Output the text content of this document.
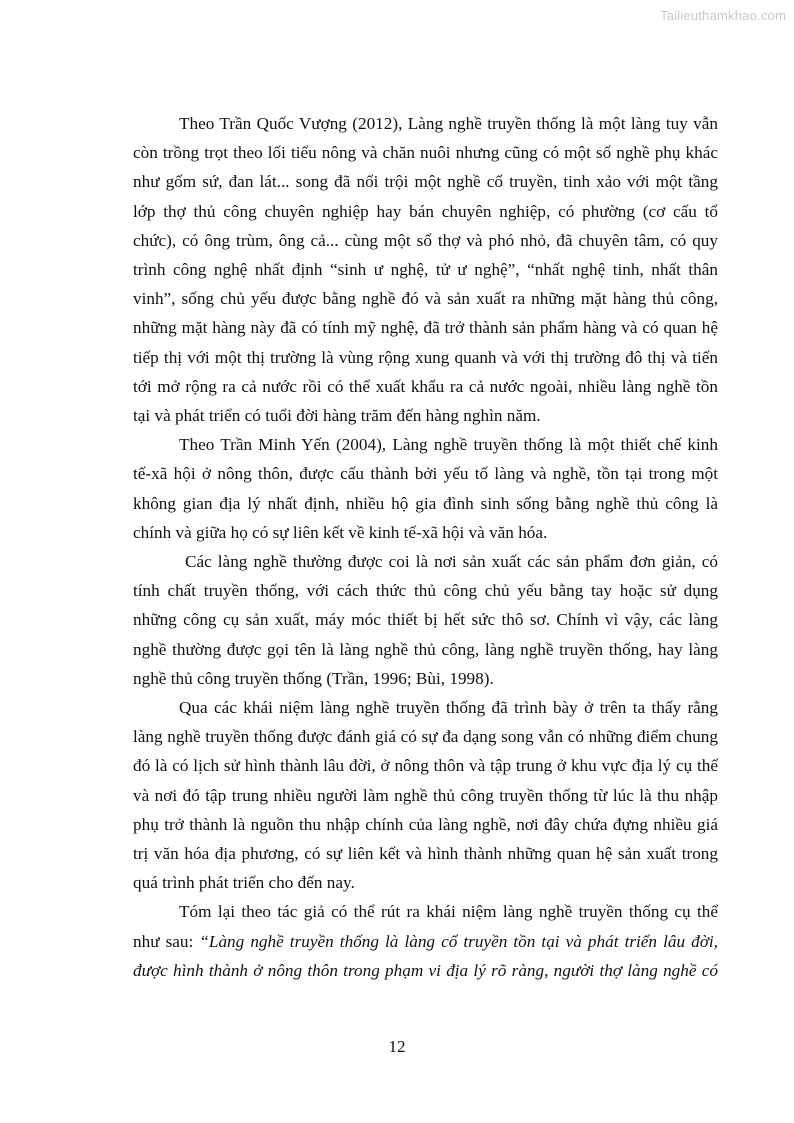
Tailieuthamkhao.com

Theo Trần Quốc Vượng (2012), Làng nghề truyền thống là một làng tuy vẫn
còn trồng trọt theo lối tiểu nông và chăn nuôi nhưng cũng có một số nghề phụ khác
như gốm sứ, đan lát... song đã nổi trội một nghề cổ truyền, tinh xảo với một tầng
lớp thợ thủ công chuyên nghiệp hay bán chuyên nghiệp, có phường (cơ cấu tổ
chức), có ông trùm, ông cả... cùng một số thợ và phó nhỏ, đã chuyên tâm, có quy
trình công nghệ nhất định “sinh ư nghệ, tử ư nghệ”, “nhất nghệ tinh, nhất thân
vinh”, sống chủ yếu được bằng nghề đó và sản xuất ra những mặt hàng thủ công,
những mặt hàng này đã có tính mỹ nghệ, đã trở thành sản phẩm hàng và có quan hệ
tiếp thị với một thị trường là vùng rộng xung quanh và với thị trường đô thị và tiến
tới mở rộng ra cả nước rồi có thể xuất khẩu ra cả nước ngoài, nhiều làng nghề tồn
tại và phát triển có tuổi đời hàng trăm đến hàng nghìn năm.

Theo Trần Minh Yến (2004), Làng nghề truyền thống là một thiết chế kinh
tế-xã hội ở nông thôn, được cấu thành bởi yếu tố làng và nghề, tồn tại trong một
không gian địa lý nhất định, nhiều hộ gia đình sinh sống bằng nghề thủ công là
chính và giữa họ có sự liên kết về kinh tế-xã hội và văn hóa.

Các làng nghề thường được coi là nơi sản xuất các sản phẩm đơn giản, có
tính chất truyền thống, với cách thức thủ công chủ yếu bằng tay hoặc sử dụng
những công cụ sản xuất, máy móc thiết bị hết sức thô sơ. Chính vì vậy, các làng
nghề thường được gọi tên là làng nghề thủ công, làng nghề truyền thống, hay làng
nghề thủ công truyền thống (Trần, 1996; Bùi, 1998).

Qua các khái niệm làng nghề truyền thống đã trình bày ở trên ta thấy rằng
làng nghề truyền thống được đánh giá có sự đa dạng song vẫn có những điểm chung
đó là có lịch sử hình thành lâu đời, ở nông thôn và tập trung ở khu vực địa lý cụ thể
và nơi đó tập trung nhiều người làm nghề thủ công truyền thống từ lúc là thu nhập
phụ trở thành là nguồn thu nhập chính của làng nghề, nơi đây chứa đựng nhiều giá
trị văn hóa địa phương, có sự liên kết và hình thành những quan hệ sản xuất trong
quá trình phát triển cho đến nay.

Tóm lại theo tác giả có thể rút ra khái niệm làng nghề truyền thống cụ thể
như sau: “Làng nghề truyền thống là làng cổ truyền tồn tại và phát triển lâu đời,
được hình thành ở nông thôn trong phạm vi địa lý rõ ràng, người thợ làng nghề có

12
